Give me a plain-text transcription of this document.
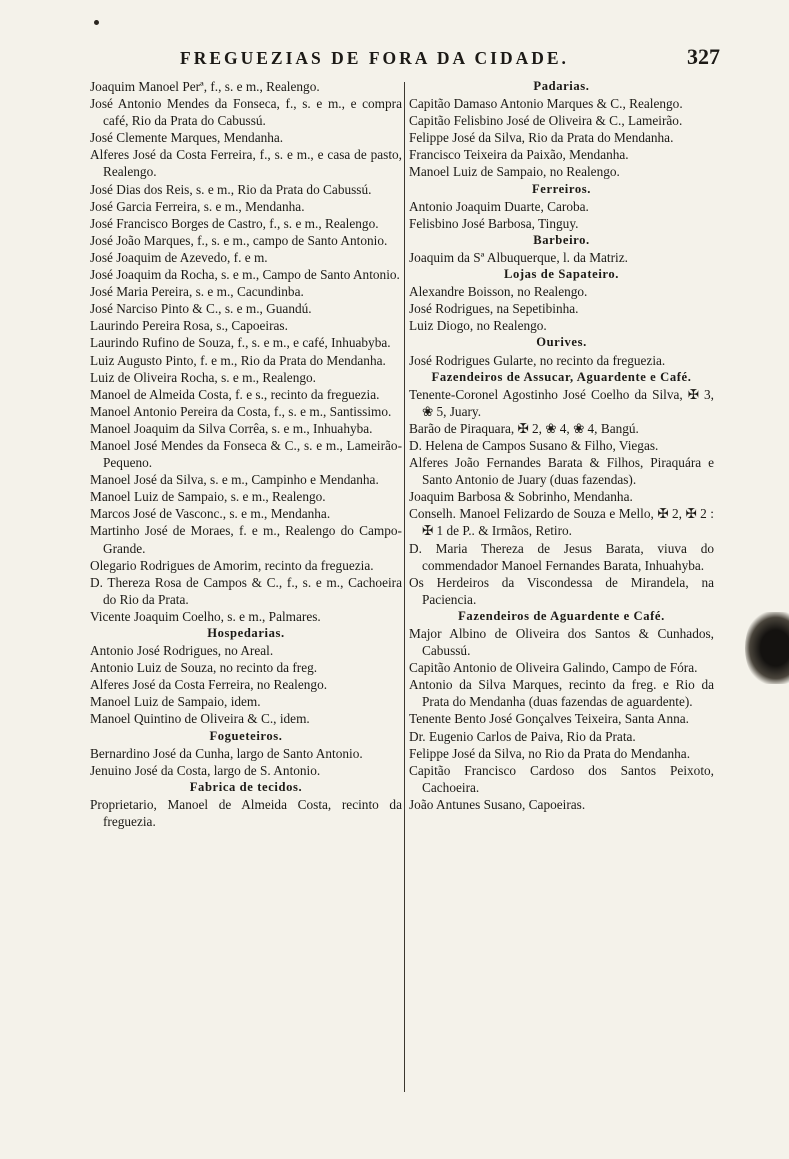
FREGUEZIAS DE FORA DA CIDADE.	327
Joaquim Manoel Perª, f., s. e m., Realengo.
José Antonio Mendes da Fonseca, f., s. e m., e compra café, Rio da Prata do Cabussú.
José Clemente Marques, Mendanha.
Alferes José da Costa Ferreira, f., s. e m., e casa de pasto, Realengo.
José Dias dos Reis, s. e m., Rio da Prata do Cabussú.
José Garcia Ferreira, s. e m., Mendanha.
José Francisco Borges de Castro, f., s. e m., Realengo.
José João Marques, f., s. e m., campo de Santo Antonio.
José Joaquim de Azevedo, f. e m.
José Joaquim da Rocha, s. e m., Campo de Santo Antonio.
José Maria Pereira, s. e m., Cacundinba.
José Narciso Pinto & C., s. e m., Guandú.
Laurindo Pereira Rosa, s., Capoeiras.
Laurindo Rufino de Souza, f., s. e m., e café, Inhuabyba.
Luiz Augusto Pinto, f. e m., Rio da Prata do Mendanha.
Luiz de Oliveira Rocha, s. e m., Realengo.
Manoel de Almeida Costa, f. e s., recinto da freguezia.
Manoel Antonio Pereira da Costa, f., s. e m., Santissimo.
Manoel Joaquim da Silva Corrêa, s. e m., Inhuahyba.
Manoel José Mendes da Fonseca & C., s. e m., Lameirão-Pequeno.
Manoel José da Silva, s. e m., Campinho e Mendanha.
Manoel Luiz de Sampaio, s. e m., Realengo.
Marcos José de Vasconc., s. e m., Mendanha.
Martinho José de Moraes, f. e m., Realengo do Campo-Grande.
Olegario Rodrigues de Amorim, recinto da freguezia.
D. Thereza Rosa de Campos & C., f., s. e m., Cachoeira do Rio da Prata.
Vicente Joaquim Coelho, s. e m., Palmares.
Hospedarias.
Antonio José Rodrigues, no Areal.
Antonio Luiz de Souza, no recinto da freg.
Alferes José da Costa Ferreira, no Realengo.
Manoel Luiz de Sampaio, idem.
Manoel Quintino de Oliveira & C., idem.
Fogueteiros.
Bernardino José da Cunha, largo de Santo Antonio.
Jenuino José da Costa, largo de S. Antonio.
Fabrica de tecidos.
Proprietario, Manoel de Almeida Costa, recinto da freguezia.
Padarias.
Capitão Damaso Antonio Marques & C., Realengo.
Capitão Felisbino José de Oliveira & C., Lameirão.
Felippe José da Silva, Rio da Prata do Mendanha.
Francisco Teixeira da Paixão, Mendanha.
Manoel Luiz de Sampaio, no Realengo.
Ferreiros.
Antonio Joaquim Duarte, Caroba.
Felisbino José Barbosa, Tinguy.
Barbeiro.
Joaquim da Sª Albuquerque, l. da Matriz.
Lojas de Sapateiro.
Alexandre Boisson, no Realengo.
José Rodrigues, na Sepetibinha.
Luiz Diogo, no Realengo.
Ourives.
José Rodrigues Gularte, no recinto da freguezia.
Fazendeiros de Assucar, Aguardente e Café.
Tenente-Coronel Agostinho José Coelho da Silva, ✠ 3, ❀ 5, Juary.
Barão de Piraquara, ✠ 2, ❀ 4, ❀ 4, Bangú.
D. Helena de Campos Susano & Filho, Viegas.
Alferes João Fernandes Barata & Filhos, Piraquára e Santo Antonio de Juary (duas fazendas).
Joaquim Barbosa & Sobrinho, Mendanha.
Conselh. Manoel Felizardo de Souza e Mello, ✠ 2, ✠ 2 : ✠ 1 de P.. & Irmãos, Retiro.
D. Maria Thereza de Jesus Barata, viuva do commendador Manoel Fernandes Barata, Inhuahyba.
Os Herdeiros da Viscondessa de Mirandela, na Paciencia.
Fazendeiros de Aguardente e Café.
Major Albino de Oliveira dos Santos & Cunhados, Cabussú.
Capitão Antonio de Oliveira Galindo, Campo de Fóra.
Antonio da Silva Marques, recinto da freg. e Rio da Prata do Mendanha (duas fazendas de aguardente).
Tenente Bento José Gonçalves Teixeira, Santa Anna.
Dr. Eugenio Carlos de Paiva, Rio da Prata.
Felippe José da Silva, no Rio da Prata do Mendanha.
Capitão Francisco Cardoso dos Santos Peixoto, Cachoeira.
João Antunes Susano, Capoeiras.
